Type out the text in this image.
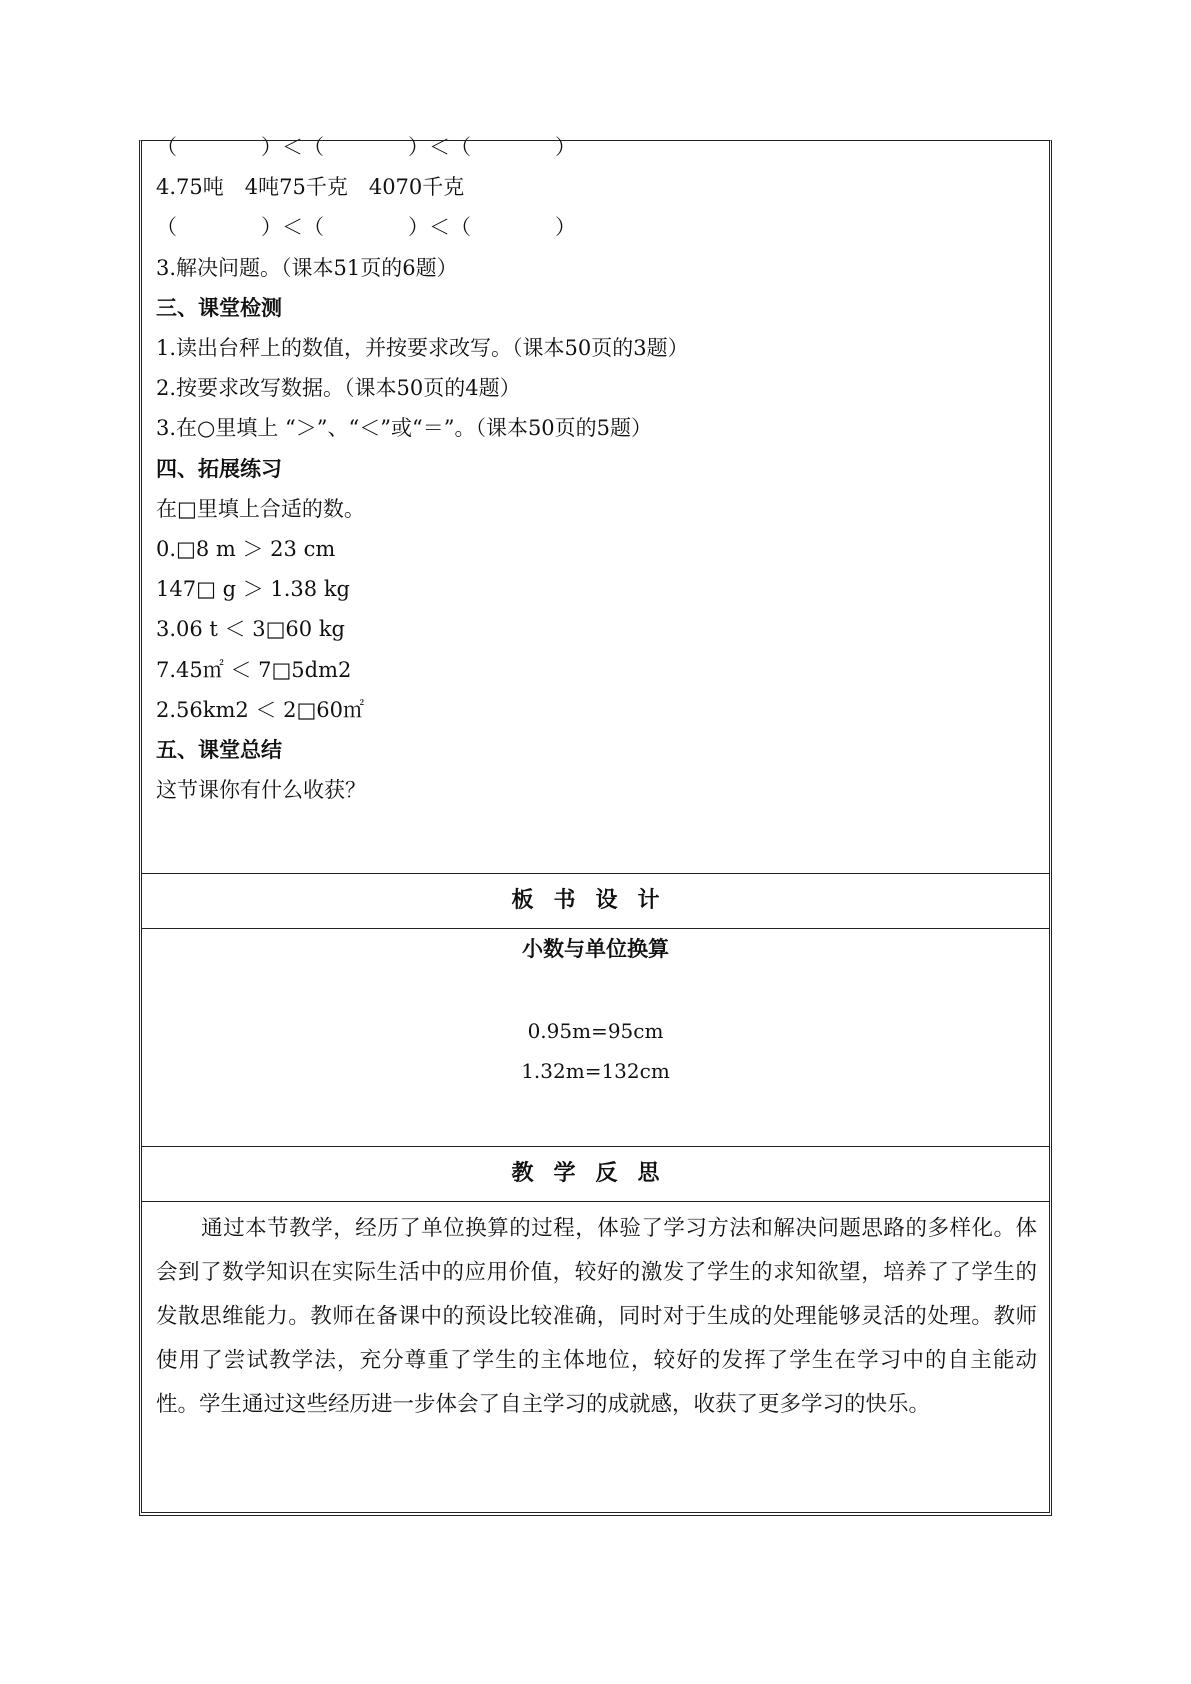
（　　　　）＜（　　　　）＜（　　　　）
4.75吨　4吨75千克　4070千克
（　　　　）＜（　　　　）＜（　　　　）
3.解决问题。（课本51页的6题）
三、课堂检测
1.读出台秤上的数值，并按要求改写。（课本50页的3题）
2.按要求改写数据。（课本50页的4题）
3.在○里填上 “＞”、“＜”或“＝”。（课本50页的5题）
四、拓展练习
在□里填上合适的数。
0.□8 m ＞ 23 cm
147□ g ＞ 1.38 kg
3.06 t ＜ 3□60 kg
7.45㎡ ＜ 7□5dm2
2.56km2 ＜ 2□60㎡
五、课堂总结
这节课你有什么收获？
板书设计
小数与单位换算
0.95m=95cm
1.32m=132cm
教学反思
通过本节教学，经历了单位换算的过程，体验了学习方法和解决问题思路的多样化。体会到了数学知识在实际生活中的应用价值，较好的激发了学生的求知欲望，培养了了学生的发散思维能力。教师在备课中的预设比较准确，同时对于生成的处理能够灵活的处理。教师使用了尝试教学法，充分尊重了学生的主体地位，较好的发挥了学生在学习中的自主能动性。学生通过这些经历进一步体会了自主学习的成就感，收获了更多学习的快乐。
